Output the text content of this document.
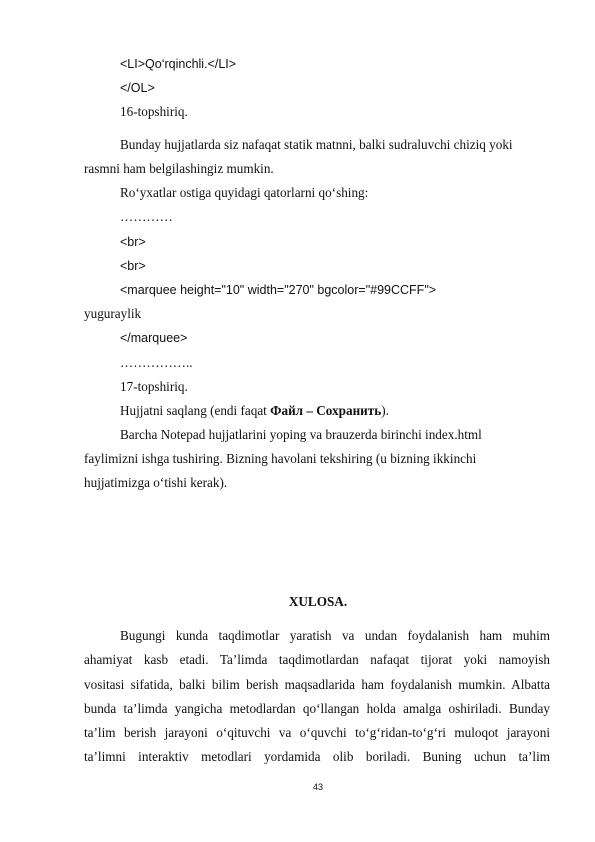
<LI>Qo‘rqinchli.</LI>
</OL>
16-topshiriq.
Bunday hujjatlarda siz nafaqat statik matnni, balki sudraluvchi chiziq yoki
rasmni ham belgilashingiz mumkin.
Ro‘yxatlar ostiga quyidagi qatorlarni qo‘shing:
…………
<br>
<br>
<marquee height="10" width="270" bgcolor="#99CCFF">
yuguraylik
</marquee>
……………..
17-topshiriq.
Hujjatni saqlang (endi faqat Файл – Сохранить).
Barcha Notepad hujjatlarini yoping va brauzerda birinchi index.html
faylimizni ishga tushiring. Bizning havolani tekshiring (u bizning ikkinchi
hujjatimizga o‘tishi kerak).
XULOSA.
Bugungi kunda taqdimotlar yaratish va undan foydalanish ham muhim
ahamiyat kasb etadi. Ta’limda taqdimotlardan nafaqat tijorat yoki namoyish
vositasi sifatida, balki bilim berish maqsadlarida ham foydalanish mumkin. Albatta
bunda ta’limda yangicha metodlardan qo‘llangan holda amalga oshiriladi. Bunday
ta’lim berish jarayoni o‘qituvchi va o‘quvchi to‘g‘ridan-to‘g‘ri muloqot jarayoni
ta’limni interaktiv metodlari yordamida olib boriladi. Buning uchun ta’lim
43
